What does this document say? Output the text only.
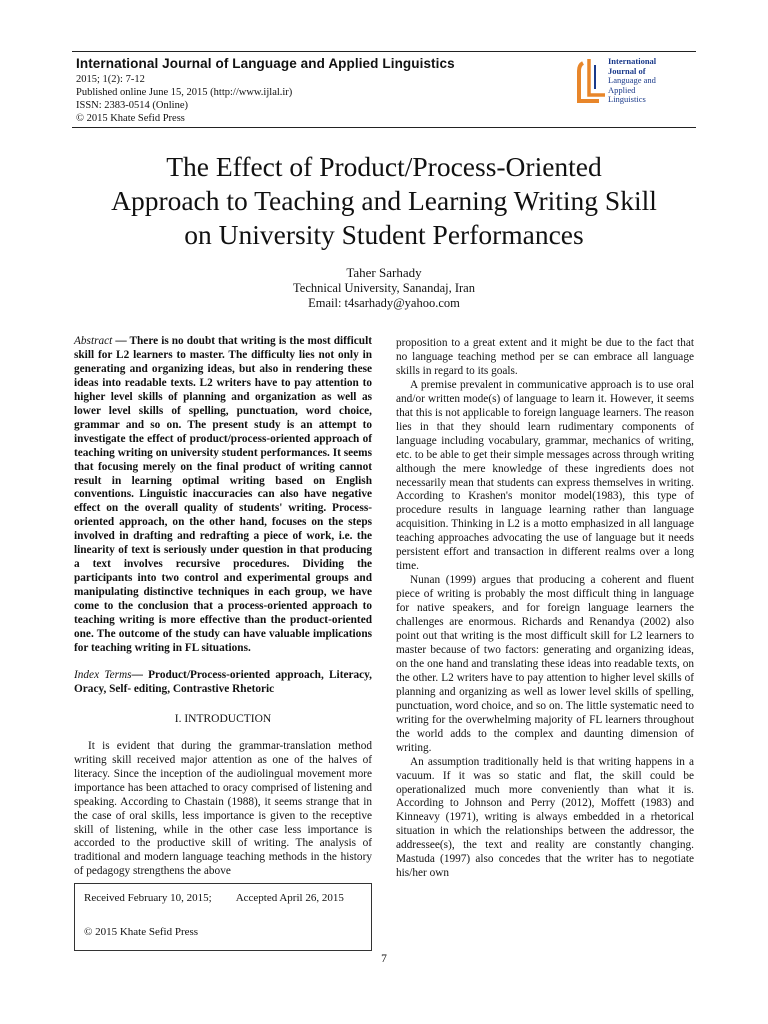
International Journal of Language and Applied Linguistics
2015; 1(2): 7-12
Published online June 15, 2015 (http://www.ijlal.ir)
ISSN: 2383-0514 (Online)
© 2015 Khate Sefid Press
International
Journal of
Language and
Applied
Linguistics
The Effect of Product/Process-Oriented
Approach to Teaching and Learning Writing Skill
on University Student Performances
Taher Sarhady
Technical University, Sanandaj, Iran
Email: t4sarhady@yahoo.com

Abstract — There is no doubt that writing is the most difficult skill for L2 learners to master. The difficulty lies not only in generating and organizing ideas, but also in rendering these ideas into readable texts. L2 writers have to pay attention to higher level skills of planning and organization as well as lower level skills of spelling, punctuation, word choice, grammar and so on. The present study is an attempt to investigate the effect of product/process-oriented approach of teaching writing on university student performances. It seems that focusing merely on the final product of writing cannot result in learning optimal writing based on English conventions. Linguistic inaccuracies can also have negative effect on the overall quality of students' writing. Process-oriented approach, on the other hand, focuses on the steps involved in drafting and redrafting a piece of work, i.e. the linearity of text is seriously under question in that producing a text involves recursive procedures. Dividing the participants into two control and experimental groups and manipulating distinctive techniques in each group, we have come to the conclusion that a process-oriented approach to teaching writing is more effective than the product-oriented one. The outcome of the study can have valuable implications for teaching writing in FL situations.

Index Terms— Product/Process-oriented approach, Literacy, Oracy, Self- editing, Contrastive Rhetoric

I. INTRODUCTION

It is evident that during the grammar-translation method writing skill received major attention as one of the halves of literacy. Since the inception of the audiolingual movement more importance has been attached to oracy comprised of listening and speaking. According to Chastain (1988), it seems strange that in the case of oral skills, less importance is given to the receptive skill of listening, while in the other case less importance is accorded to the productive skill of writing. The analysis of traditional and modern language teaching methods in the history of pedagogy strengthens the above

proposition to a great extent and it might be due to the fact that no language teaching method per se can embrace all language skills in regard to its goals.

A premise prevalent in communicative approach is to use oral and/or written mode(s) of language to learn it. However, it seems that this is not applicable to foreign language learners. The reason lies in that they should learn rudimentary components of language including vocabulary, grammar, mechanics of writing, etc. to be able to get their simple messages across through writing although the mere knowledge of these ingredients does not necessarily mean that students can express themselves in writing. According to Krashen's monitor model(1983), this type of procedure results in language learning rather than language acquisition. Thinking in L2 is a motto emphasized in all language teaching approaches advocating the use of language but it needs persistent effort and transaction in different realms over a long time.

Nunan (1999) argues that producing a coherent and fluent piece of writing is probably the most difficult thing in language for native speakers, and for foreign language learners the challenges are enormous. Richards and Renandya (2002) also point out that writing is the most difficult skill for L2 learners to master because of two factors: generating and organizing ideas, on the one hand and translating these ideas into readable texts, on the other. L2 writers have to pay attention to higher level skills of planning and organizing as well as lower level skills of spelling, punctuation, word choice, and so on. The little systematic need to writing for the overwhelming majority of FL learners throughout the world adds to the complex and daunting dimension of writing.

An assumption traditionally held is that writing happens in a vacuum. If it was so static and flat, the skill could be operationalized much more conveniently than what it is. According to Johnson and Perry (2012), Moffett (1983) and Kinneavy (1971), writing is always embedded in a rhetorical situation in which the relationships between the addressor, the addressee(s), the text and reality are constantly changing. Mastuda (1997) also concedes that the writer has to negotiate his/her own

Received February 10, 2015; Accepted April 26, 2015
© 2015 Khate Sefid Press
7
